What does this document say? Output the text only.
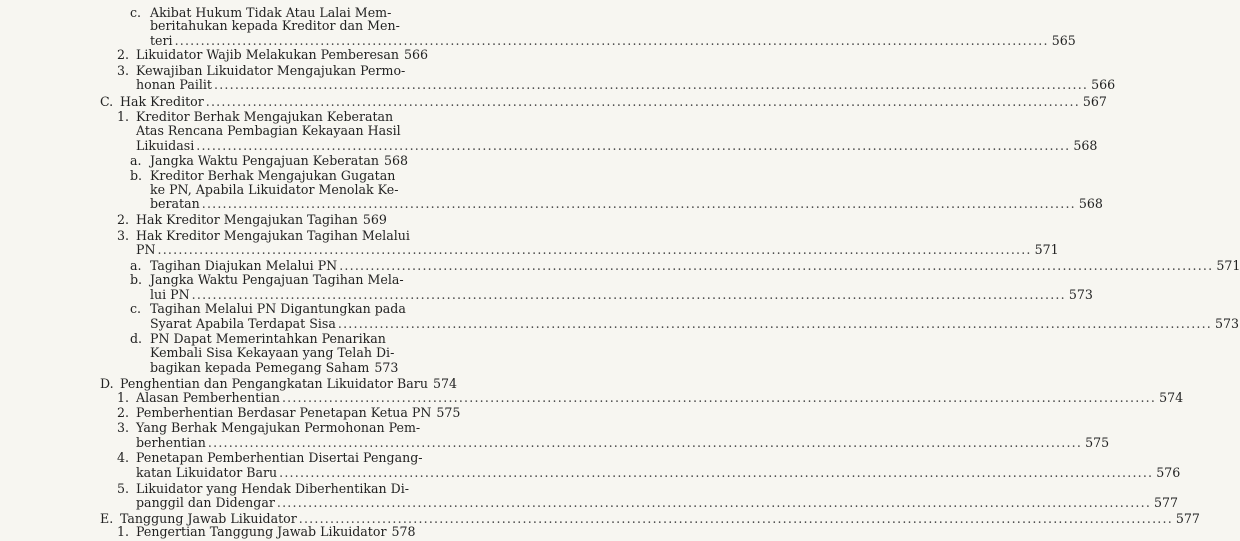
c. Akibat Hukum Tidak Atau Lalai Mem-
beritahukan kepada Kreditor dan Men-
teri .....	565
2. Likuidator Wajib Melakukan Pemberesan 566
3. Kewajiban Likuidator Mengajukan Permo-
honan Pailit .....	566
C. Hak Kreditor .....	567
1. Kreditor Berhak Mengajukan Keberatan
Atas Rencana Pembagian Kekayaan Hasil
Likuidasi .....	568
a. Jangka Waktu Pengajuan Keberatan 568
b. Kreditor Berhak Mengajukan Gugatan
ke PN, Apabila Likuidator Menolak Ke-
beratan .....	568
2. Hak Kreditor Mengajukan Tagihan 569
3. Hak Kreditor Mengajukan Tagihan Melalui
PN .....	571
a. Tagihan Diajukan Melalui PN .....	571
b. Jangka Waktu Pengajuan Tagihan Mela-
lui PN .....	573
c. Tagihan Melalui PN Digantungkan pada
Syarat Apabila Terdapat Sisa .....	573
d. PN Dapat Memerintahkan Penarikan
Kembali Sisa Kekayaan yang Telah Di-
bagikan kepada Pemegang Saham 573
D. Penghentian dan Pengangkatan Likuidator Baru 574
1. Alasan Pemberhentian .....	574
2. Pemberhentian Berdasar Penetapan Ketua PN 575
3. Yang Berhak Mengajukan Permohonan Pem-
berhentian .....	575
4. Penetapan Pemberhentian Disertai Pengang-
katan Likuidator Baru .....	576
5. Likuidator yang Hendak Diberhentikan Di-
panggil dan Didengar .....	577
E. Tanggung Jawab Likuidator .....	577
1. Pengertian Tanggung Jawab Likuidator 578
